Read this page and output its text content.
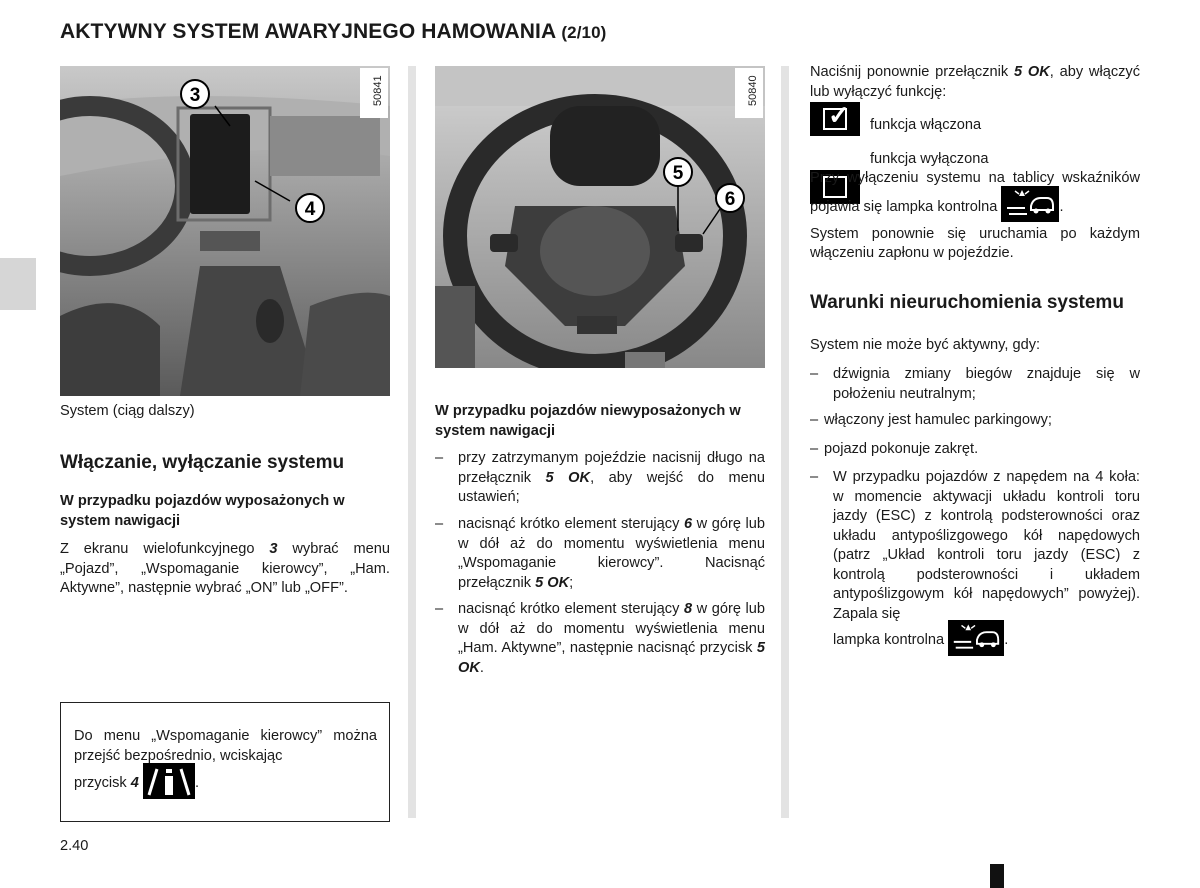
AKTYWNY SYSTEM AWARYJNEGO HAMOWANIA (2/10)
3
4
50841
5
6
50840
System (ciąg dalszy)
Włączanie, wyłączanie systemu
W przypadku pojazdów wyposażonych w system nawigacji
Z ekranu wielofunkcyjnego 3 wybrać menu „Pojazd”, „Wspomaganie kierowcy”, „Ham. Aktywne”, następnie wybrać „ON” lub „OFF”.
Do menu „Wspomaganie kierowcy” można przejść bezpośrednio, wciskając
przycisk 4	.
W przypadku pojazdów niewyposażonych w system nawigacji
– przy zatrzymanym pojeździe nacisnij długo na przełącznik 5 OK, aby wejść do menu ustawień;
– nacisnąć krótko element sterujący 6 w górę lub w dół aż do momentu wyświetlenia menu „Wspomaganie kierowcy”. Nacisnąć przełącznik 5 OK;
– nacisnąć krótko element sterujący 8 w górę lub w dół aż do momentu wyświetlenia menu „Ham. Aktywne”, następnie nacisnąć przycisk 5 OK.
Naciśnij ponownie przełącznik 5 OK, aby włączyć lub wyłączyć funkcję:
✓ funkcja włączona
funkcja wyłączona
Przy wyłączeniu systemu na tablicy wskaźników pojawia się lampka kontrolna	.
System ponownie się uruchamia po każdym włączeniu zapłonu w pojeździe.
Warunki nieuruchomienia systemu
System nie może być aktywny, gdy:
– dźwignia zmiany biegów znajduje się w położeniu neutralnym;
– włączony jest hamulec parkingowy;
– pojazd pokonuje zakręt.
– W przypadku pojazdów z napędem na 4 koła: w momencie aktywacji układu kontroli toru jazdy (ESC) z kontrolą podsterowności oraz układu antypoślizgowego kół napędowych (patrz „Układ kontroli toru jazdy (ESC) z kontrolą podsterowności i układem antypoślizgowym kół napędowych” powyżej). Zapala się
lampka kontrolna	.
2.40
